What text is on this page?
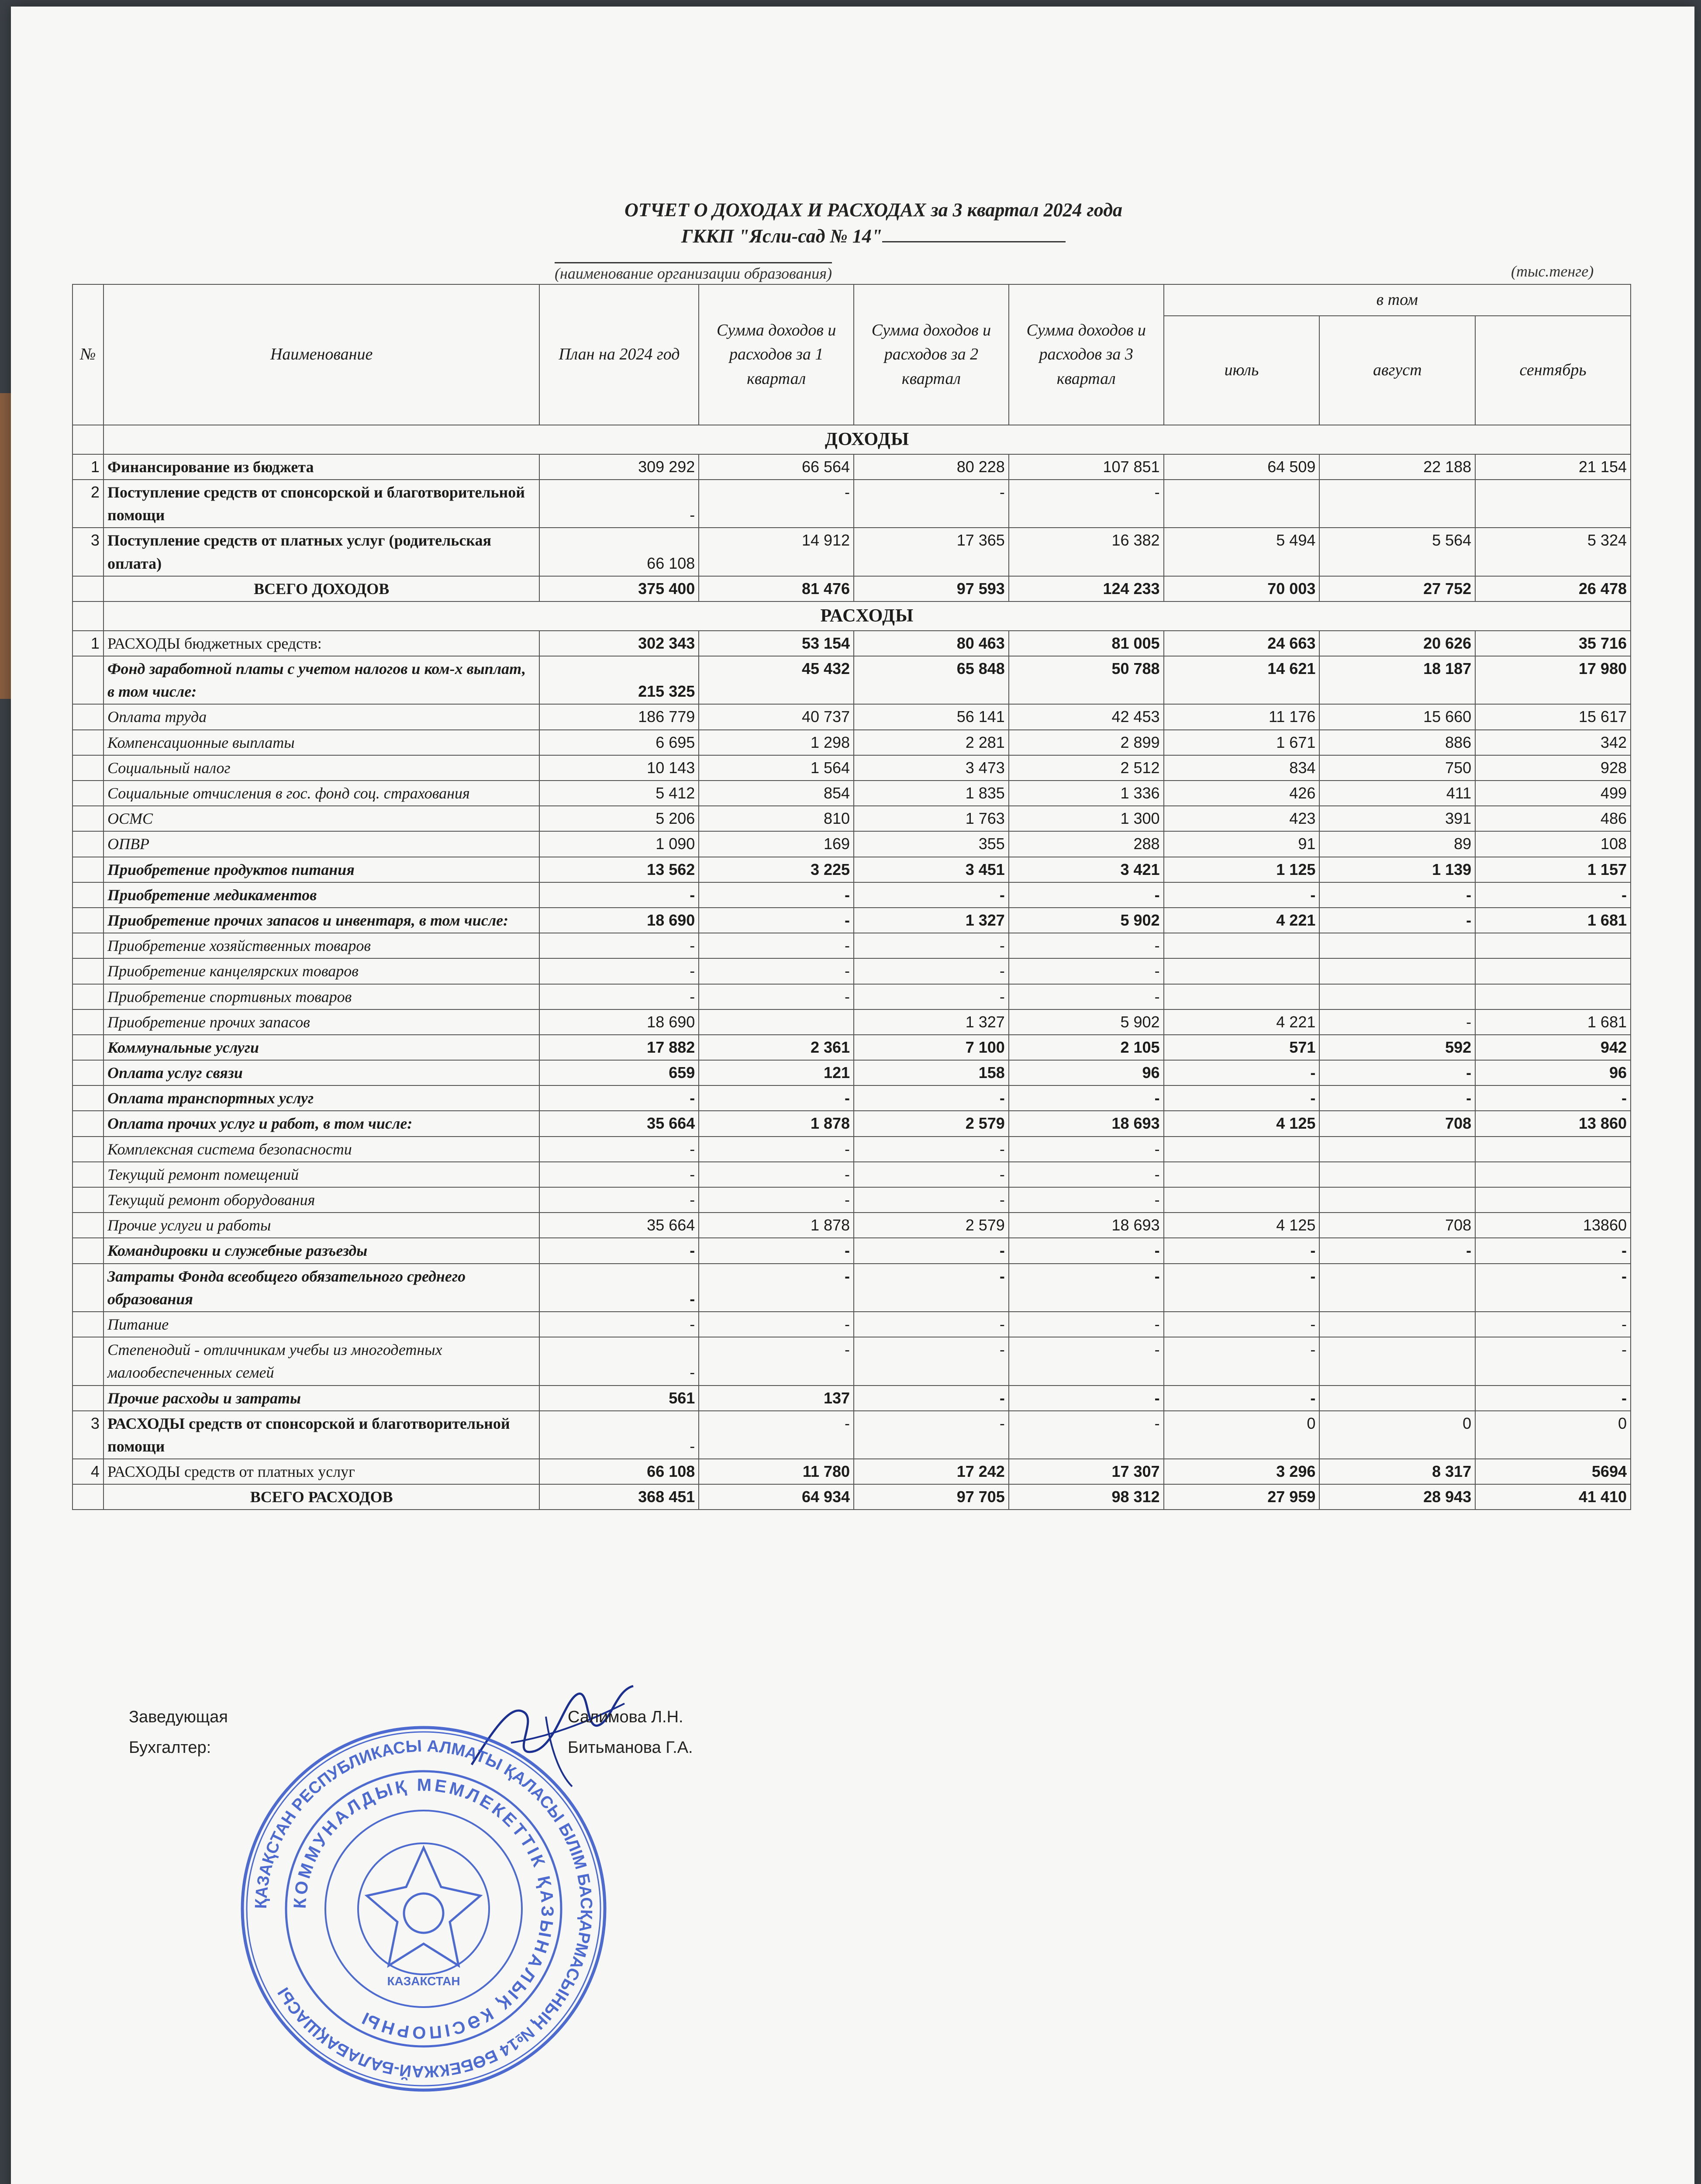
ОТЧЕТ О ДОХОДАХ И РАСХОДАХ за 3 квартал 2024 года
ГККП "Ясли-сад № 14"
(наименование организации образования)	(тыс.тенге)
№	Наименование	План на 2024 год	Сумма доходов и расходов за 1 квартал	Сумма доходов и расходов за 2 квартал	Сумма доходов и расходов за 3 квартал	в том		
						июль	август	сентябрь
	ДОХОДЫ							
1	Финансирование из бюджета	309 292	66 564	80 228	107 851	64 509	22 188	21 154
2	Поступление средств от спонсорской и благотворительной помощи	-	-	-	-			
3	Поступление средств от платных услуг (родительская оплата)	66 108	14 912	17 365	16 382	5 494	5 564	5 324
	ВСЕГО ДОХОДОВ	375 400	81 476	97 593	124 233	70 003	27 752	26 478
	РАСХОДЫ							
1	РАСХОДЫ бюджетных средств:	302 343	53 154	80 463	81 005	24 663	20 626	35 716
	Фонд заработной платы с учетом налогов и ком-х выплат, в том числе:	215 325	45 432	65 848	50 788	14 621	18 187	17 980
	Оплата труда	186 779	40 737	56 141	42 453	11 176	15 660	15 617
	Компенсационные выплаты	6 695	1 298	2 281	2 899	1 671	886	342
	Социальный налог	10 143	1 564	3 473	2 512	834	750	928
	Социальные отчисления в гос. фонд соц. страхования	5 412	854	1 835	1 336	426	411	499
	ОСМС	5 206	810	1 763	1 300	423	391	486
	ОПВР	1 090	169	355	288	91	89	108
	Приобретение продуктов питания	13 562	3 225	3 451	3 421	1 125	1 139	1 157
	Приобретение медикаментов	-	-	-	-	-	-	-
	Приобретение прочих запасов и инвентаря, в том числе:	18 690	-	1 327	5 902	4 221	-	1 681
	Приобретение хозяйственных товаров	-	-	-	-			
	Приобретение канцелярских товаров	-	-	-	-			
	Приобретение спортивных товаров	-	-	-	-			
	Приобретение прочих запасов	18 690		1 327	5 902	4 221	-	1 681
	Коммунальные услуги	17 882	2 361	7 100	2 105	571	592	942
	Оплата услуг связи	659	121	158	96	-	-	96
	Оплата транспортных услуг	-	-	-	-	-	-	-
	Оплата прочих услуг и работ, в том числе:	35 664	1 878	2 579	18 693	4 125	708	13 860
	Комплексная система безопасности	-	-	-	-			
	Текущий ремонт помещений	-	-	-	-			
	Текущий ремонт оборудования	-	-	-	-			
	Прочие услуги и работы	35 664	1 878	2 579	18 693	4 125	708	13860
	Командировки и служебные разъезды	-	-	-	-	-	-	-
	Затраты Фонда всеобщего обязательного среднего образования	-	-	-	-	-		-
	Питание	-	-	-	-	-		-
	Степенодий - отличникам учебы из многодетных малообеспеченных семей	-	-	-	-	-		-
	Прочие расходы и затраты	561	137	-	-	-		-
3	РАСХОДЫ средств от спонсорской и благотворительной помощи	-	-	-	-	0	0	0
4	РАСХОДЫ средств от платных услуг	66 108	11 780	17 242	17 307	3 296	8 317	5694
	ВСЕГО РАСХОДОВ	368 451	64 934	97 705	98 312	27 959	28 943	41 410
Заведующая	Салимова Л.Н.
Бухгалтер:	Битьманова Г.А.
ҚАЗАҚСТАН РЕСПУБЛИКАСЫ АЛМАТЫ ҚАЛАСЫ БІЛІМ БАСҚАРМАСЫНЫҢ №14 БӨБЕКЖАЙ-БАЛАБАҚШАСЫ
КОММУНАЛДЫҚ МЕМЛЕКЕТТІК ҚАЗЫНАЛЫҚ КӘСІПОРНЫ
КАЗАКСТАН
